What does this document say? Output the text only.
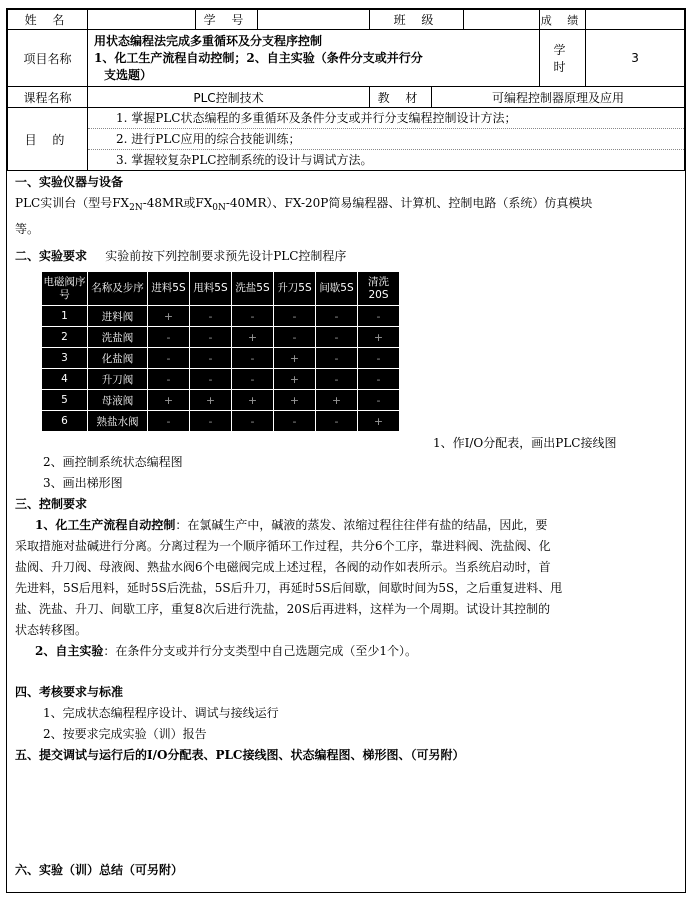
姓 名		学 号		班 级			成 绩	
项目名称	用状态编程法完成多重循环及分支程序控制
1、化工生产流程自动控制；2、自主实验（条件分支或并行分
支选题）						学 时	3
课程名称	PLC控制技术			教 材	可编程控制器原理及应用			
目 的	1. 掌握PLC状态编程的多重循环及条件分支或并行分支编程控制设计方法；
2. 进行PLC应用的综合技能训练；
3. 掌握较复杂PLC控制系统的设计与调试方法。							
一、实验仪器与设备
PLC实训台（型号$FX_{2N}-48MR$或$FX_{0N}-40MR$）、FX-20P简易编程器、计算机、控制电路（系统）仿真模块
等。
二、实验要求 实验前按下列控制要求预先设计PLC控制程序
电磁阀序号	名称及步序	进料5S	甩料5S	洗盐5S	升刀5S	间歇5S	清洗20S
1	进料阀	+	-	-	-	-	-
2	洗盐阀	-	-	+	-	-	+
3	化盐阀	-	-	-	+	-	-
4	升刀阀	-	-	-	+	-	-
5	母液阀	+	+	+	+	+	-
6	熟盐水阀	-	-	-	-	-	+
1、作I/O分配表，画出PLC接线图
2、画控制系统状态编程图
3、画出梯形图
三、控制要求
1、化工生产流程自动控制：在氯碱生产中，碱液的蒸发、浓缩过程往往伴有盐的结晶，因此，要
采取措施对盐碱进行分离。分离过程为一个顺序循环工作过程，共分6个工序，靠进料阀、洗盐阀、化
盐阀、升刀阀、母液阀、熟盐水阀6个电磁阀完成上述过程，各阀的动作如表所示。当系统启动时，首
先进料，5S后甩料，延时5S后洗盐，5S后升刀，再延时5S后间歇，间歇时间为5S，之后重复进料、甩
盐、洗盐、升刀、间歇工序，重复8次后进行洗盐，20S后再进料，这样为一个周期。试设计其控制的
状态转移图。
2、自主实验：在条件分支或并行分支类型中自己选题完成（至少1个）。
四、考核要求与标准
1、完成状态编程程序设计、调试与接线运行
2、按要求完成实验（训）报告
五、提交调试与运行后的I/O分配表、PLC接线图、状态编程图、梯形图、（可另附）
六、实验（训）总结（可另附）
